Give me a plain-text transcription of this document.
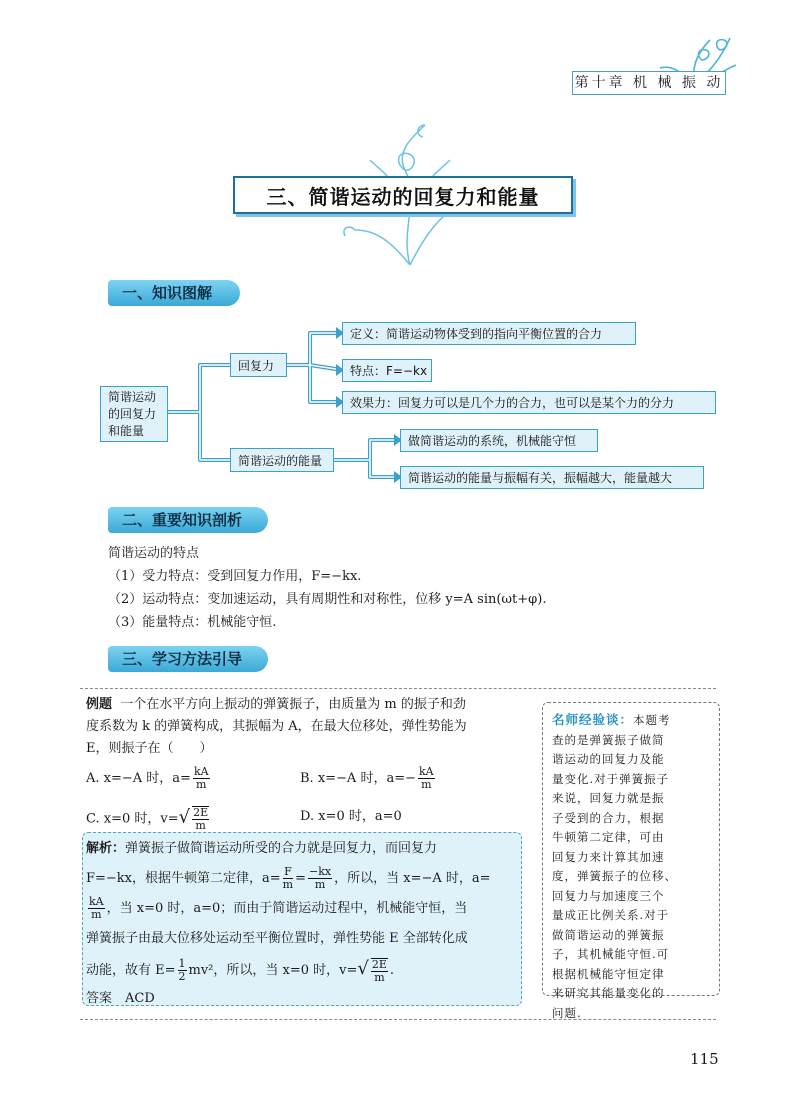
第十章 机 械 振 动
三、简谐运动的回复力和能量
一、知识图解
简谐运动
的回复力
和能量
回复力
定义：简谐运动物体受到的指向平衡位置的合力
特点：F=−kx
效果力：回复力可以是几个力的合力，也可以是某个力的分力
简谐运动的能量
做简谐运动的系统，机械能守恒
简谐运动的能量与振幅有关，振幅越大，能量越大
二、重要知识剖析
简谐运动的特点
（1）受力特点：受到回复力作用，F=−kx.
（2）运动特点：变加速运动，具有周期性和对称性，位移 y=A sin(ωt+φ).
（3）能量特点：机械能守恒.
三、学习方法引导
例题 一个在水平方向上振动的弹簧振子，由质量为 m 的振子和劲
度系数为 k 的弹簧构成，其振幅为 A，在最大位移处，弹性势能为
E，则振子在（　　）
A. x=−A 时，$a= \frac{kA}{m}$	B. x=−A 时，$a=- \frac{kA}{m}$
C. x=0 时，$v=√ \frac{2E}{m}$	D. x=0 时，a=0
解析：弹簧振子做简谐运动所受的合力就是回复力，而回复力
F=−kx，根据牛顿第二定律，$a= \frac{F}{m} = \frac{-kx}{m}$ ，所以，当 x=−A 时，a=

$\frac{kA}{m}$ ，当 x=0 时，a=0；而由于简谐运动过程中，机械能守恒，当
弹簧振子由最大位移处运动至平衡位置时，弹性势能 E 全部转化成
动能，故有 $E= \frac{1}{2} mv^2$，所以，当 x=0 时，$v=√ \frac{2E}{m}$ .
答案　ACD
名师经验谈：本题考
查的是弹簧振子做简
谐运动的回复力及能
量变化.对于弹簧振子
来说，回复力就是振
子受到的合力，根据
牛顿第二定律，可由
回复力来计算其加速
度，弹簧振子的位移、
回复力与加速度三个
量成正比例关系.对于
做简谐运动的弹簧振
子，其机械能守恒.可
根据机械能守恒定律
来研究其能量变化的
问题.
115
